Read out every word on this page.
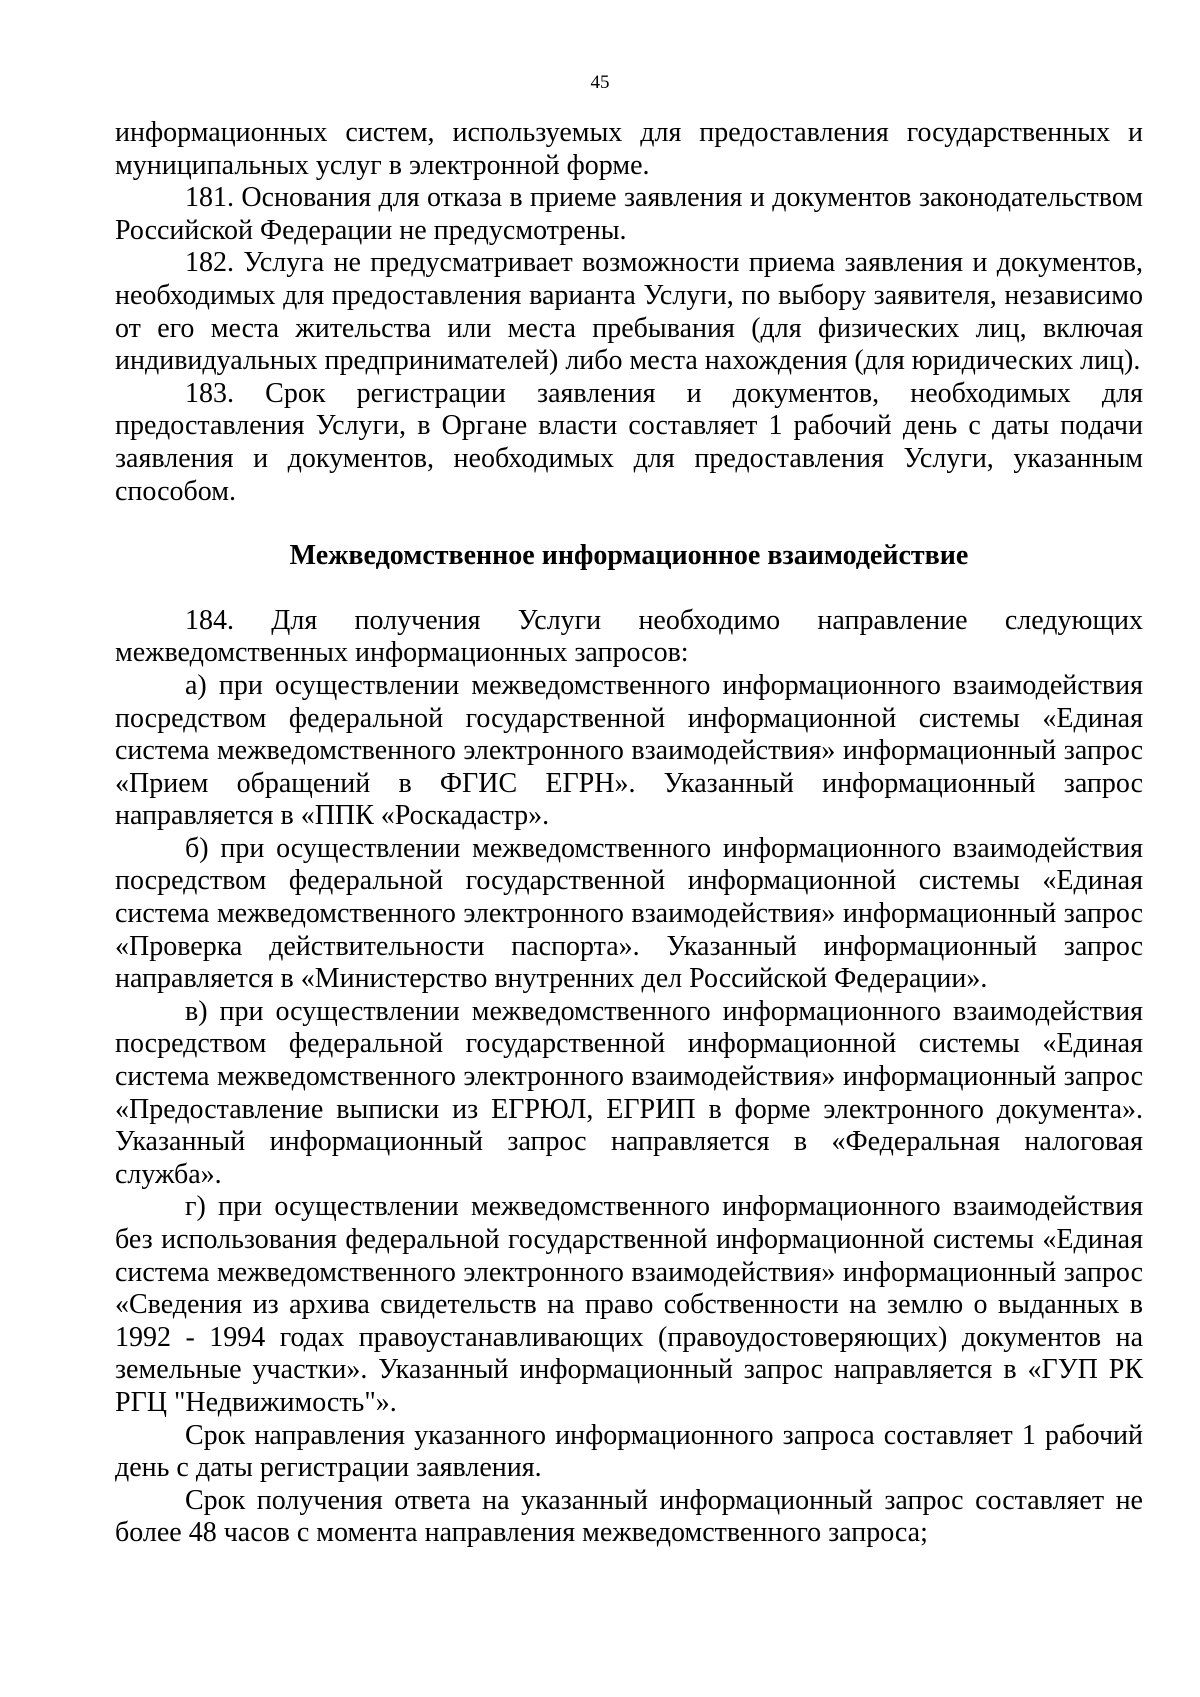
45

информационных систем, используемых для предоставления государственных и муниципальных услуг в электронной форме.

181. Основания для отказа в приеме заявления и документов законодательством Российской Федерации не предусмотрены.

182. Услуга не предусматривает возможности приема заявления и документов, необходимых для предоставления варианта Услуги, по выбору заявителя, независимо от его места жительства или места пребывания (для физических лиц, включая индивидуальных предпринимателей) либо места нахождения (для юридических лиц).

183. Срок регистрации заявления и документов, необходимых для предоставления Услуги, в Органе власти составляет 1 рабочий день с даты подачи заявления и документов, необходимых для предоставления Услуги, указанным способом.

Межведомственное информационное взаимодействие

184. Для получения Услуги необходимо направление следующих межведомственных информационных запросов:

а) при осуществлении межведомственного информационного взаимодействия посредством федеральной государственной информационной системы «Единая система межведомственного электронного взаимодействия» информационный запрос «Прием обращений в ФГИС ЕГРН». Указанный информационный запрос направляется в «ППК «Роскадастр».

б) при осуществлении межведомственного информационного взаимодействия посредством федеральной государственной информационной системы «Единая система межведомственного электронного взаимодействия» информационный запрос «Проверка действительности паспорта». Указанный информационный запрос направляется в «Министерство внутренних дел Российской Федерации».

в) при осуществлении межведомственного информационного взаимодействия посредством федеральной государственной информационной системы «Единая система межведомственного электронного взаимодействия» информационный запрос «Предоставление выписки из ЕГРЮЛ, ЕГРИП в форме электронного документа». Указанный информационный запрос направляется в «Федеральная налоговая служба».

г) при осуществлении межведомственного информационного взаимодействия без использования федеральной государственной информационной системы «Единая система межведомственного электронного взаимодействия» информационный запрос «Сведения из архива свидетельств на право собственности на землю о выданных в 1992 - 1994 годах правоустанавливающих (правоудостоверяющих) документов на земельные участки». Указанный информационный запрос направляется в «ГУП РК РГЦ "Недвижимость"».

Срок направления указанного информационного запроса составляет 1 рабочий день с даты регистрации заявления.

Срок получения ответа на указанный информационный запрос составляет не более 48 часов с момента направления межведомственного запроса;
